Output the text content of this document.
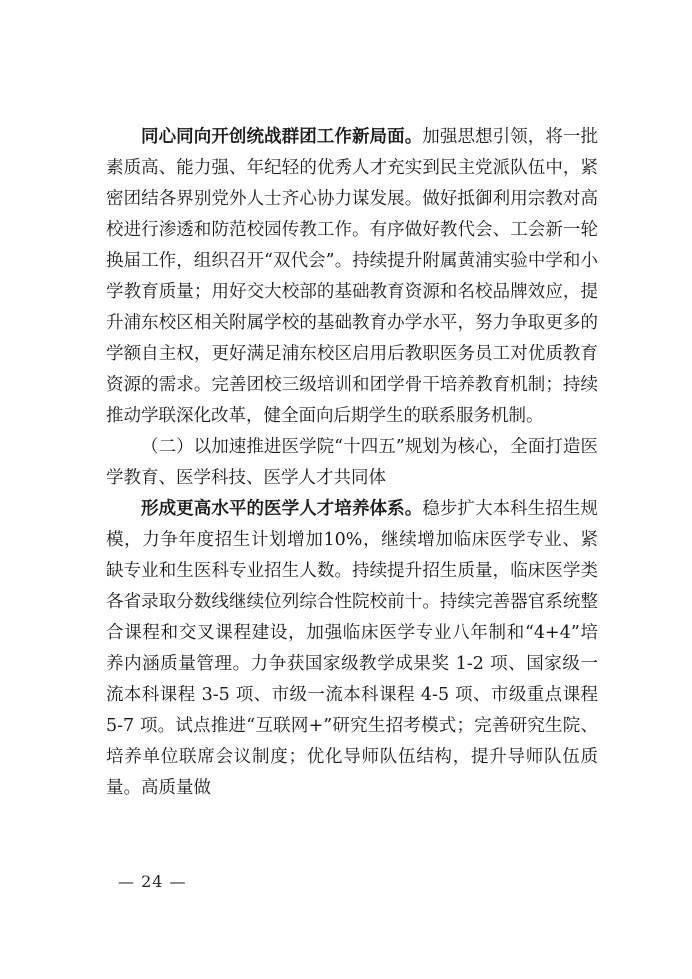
同心同向开创统战群团工作新局面。加强思想引领，将一批素质高、能力强、年纪轻的优秀人才充实到民主党派队伍中，紧密团结各界别党外人士齐心协力谋发展。做好抵御利用宗教对高校进行渗透和防范校园传教工作。有序做好教代会、工会新一轮换届工作，组织召开“双代会”。持续提升附属黄浦实验中学和小学教育质量；用好交大校部的基础教育资源和名校品牌效应，提升浦东校区相关附属学校的基础教育办学水平，努力争取更多的学额自主权，更好满足浦东校区启用后教职医务员工对优质教育资源的需求。完善团校三级培训和团学骨干培养教育机制；持续推动学联深化改革，健全面向后期学生的联系服务机制。

（二）以加速推进医学院“十四五”规划为核心，全面打造医学教育、医学科技、医学人才共同体

形成更高水平的医学人才培养体系。稳步扩大本科生招生规模，力争年度招生计划增加10%，继续增加临床医学专业、紧缺专业和生医科专业招生人数。持续提升招生质量，临床医学类各省录取分数线继续位列综合性院校前十。持续完善器官系统整合课程和交叉课程建设，加强临床医学专业八年制和“4+4”培养内涵质量管理。力争获国家级教学成果奖 1-2 项、国家级一流本科课程 3-5 项、市级一流本科课程 4-5 项、市级重点课程 5-7 项。试点推进“互联网+”研究生招考模式；完善研究生院、培养单位联席会议制度；优化导师队伍结构，提升导师队伍质量。高质量做

— 24 —
